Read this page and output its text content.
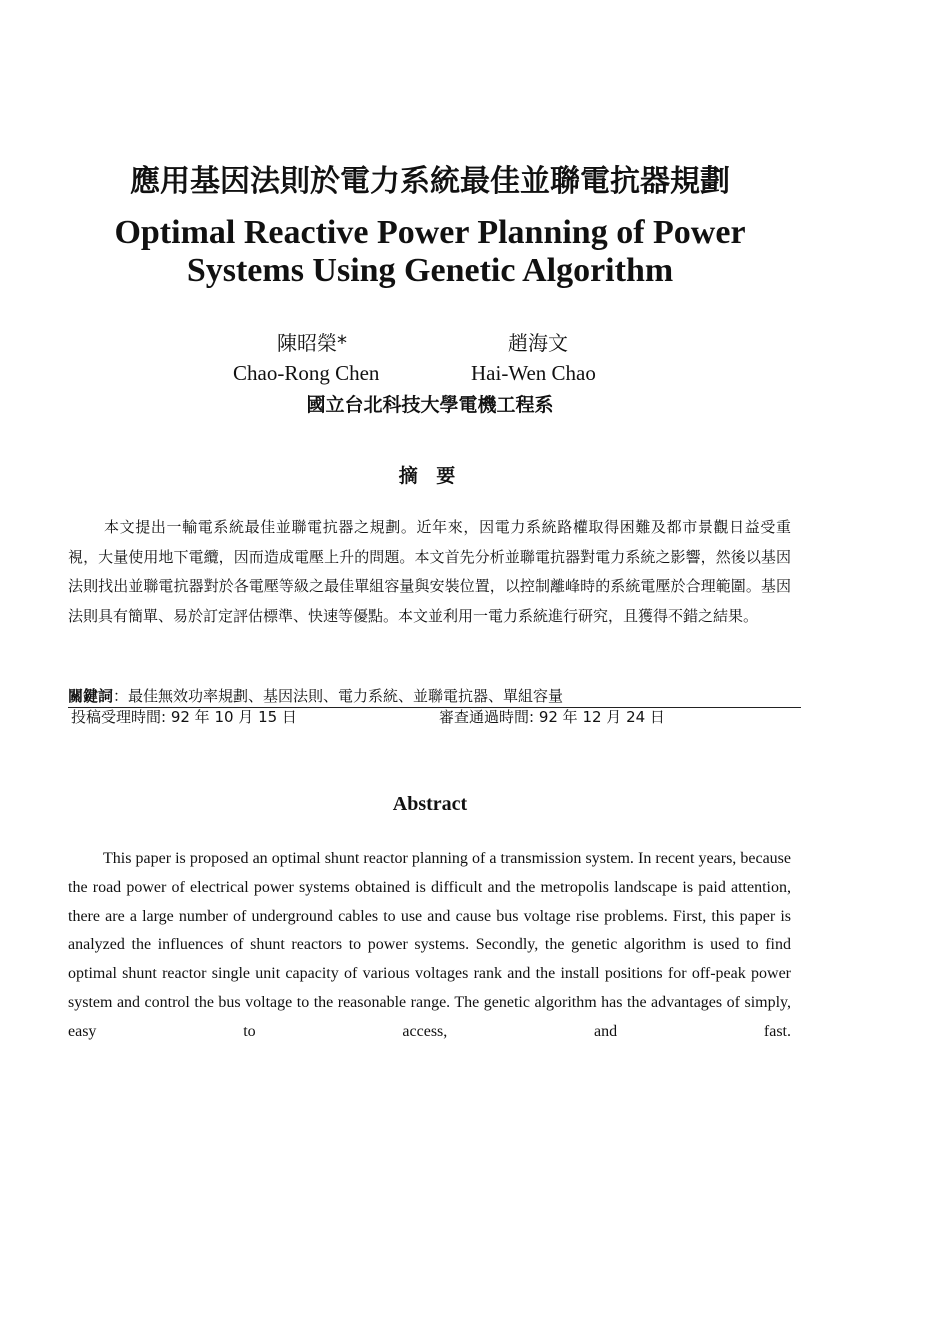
應用基因法則於電力系統最佳並聯電抗器規劃
Optimal Reactive Power Planning of Power
Systems Using Genetic Algorithm
陳昭榮*	趙海文
Chao-Rong Chen	Hai-Wen Chao
國立台北科技大學電機工程系
摘 要

本文提出一輸電系統最佳並聯電抗器之規劃。近年來，因電力系統路權取得困難及都市景觀日益受重視，大量使用地下電纜，因而造成電壓上升的問題。本文首先分析並聯電抗器對電力系統之影響，然後以基因法則找出並聯電抗器對於各電壓等級之最佳單組容量與安裝位置，以控制離峰時的系統電壓於合理範圍。基因法則具有簡單、易於訂定評估標準、快速等優點。本文並利用一電力系統進行研究，且獲得不錯之結果。

關鍵詞：最佳無效功率規劃、基因法則、電力系統、並聯電抗器、單組容量
投稿受理時間: 92 年 10 月 15 日	審查通過時間: 92 年 12 月 24 日
Abstract

This paper is proposed an optimal shunt reactor planning of a transmission system. In recent years, because the road power of electrical power systems obtained is difficult and the metropolis landscape is paid attention, there are a large number of underground cables to use and cause bus voltage rise problems. First, this paper is analyzed the influences of shunt reactors to power systems. Secondly, the genetic algorithm is used to find optimal shunt reactor single unit capacity of various voltages rank and the install positions for off-peak power system and control the bus voltage to the reasonable range. The genetic algorithm has the advantages of simply, easy to access, and fast.
